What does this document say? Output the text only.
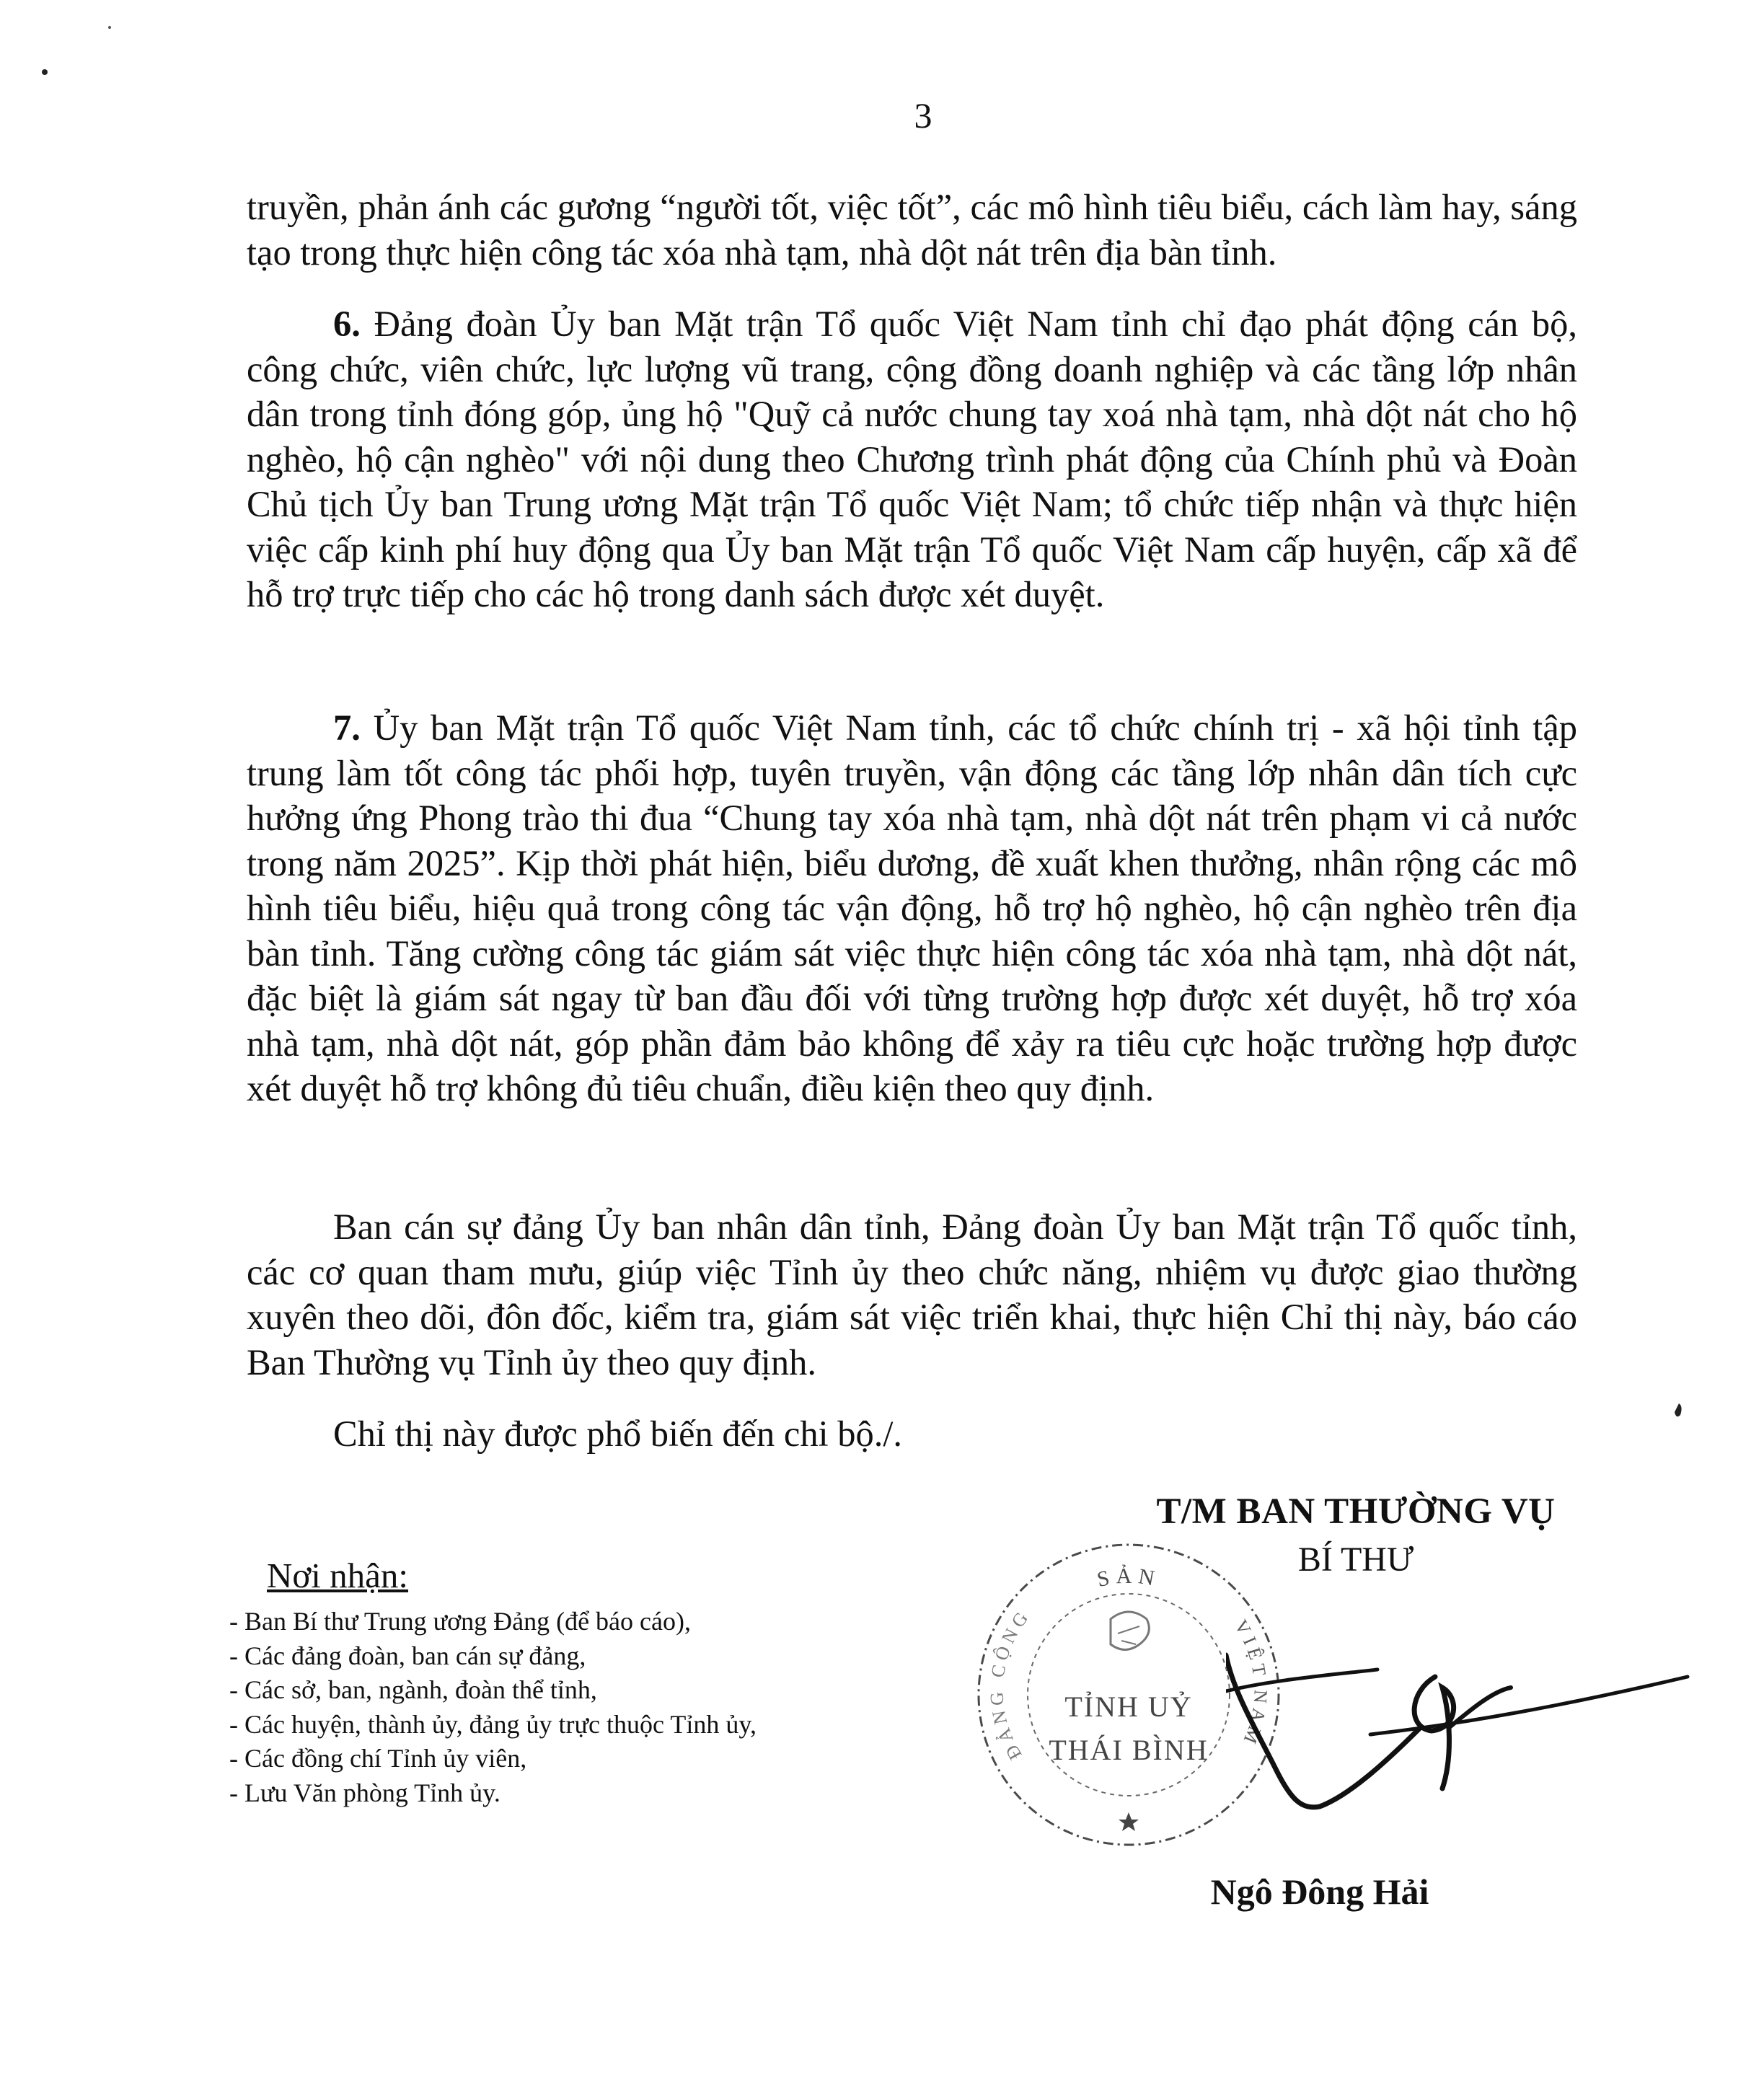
3
truyền, phản ánh các gương “người tốt, việc tốt”, các mô hình tiêu biểu, cách làm hay, sáng tạo trong thực hiện công tác xóa nhà tạm, nhà dột nát trên địa bàn tỉnh.
6. Đảng đoàn Ủy ban Mặt trận Tổ quốc Việt Nam tỉnh chỉ đạo phát động cán bộ, công chức, viên chức, lực lượng vũ trang, cộng đồng doanh nghiệp và các tầng lớp nhân dân trong tỉnh đóng góp, ủng hộ "Quỹ cả nước chung tay xoá nhà tạm, nhà dột nát cho hộ nghèo, hộ cận nghèo" với nội dung theo Chương trình phát động của Chính phủ và Đoàn Chủ tịch Ủy ban Trung ương Mặt trận Tổ quốc Việt Nam; tổ chức tiếp nhận và thực hiện việc cấp kinh phí huy động qua Ủy ban Mặt trận Tổ quốc Việt Nam cấp huyện, cấp xã để hỗ trợ trực tiếp cho các hộ trong danh sách được xét duyệt.
7. Ủy ban Mặt trận Tổ quốc Việt Nam tỉnh, các tổ chức chính trị - xã hội tỉnh tập trung làm tốt công tác phối hợp, tuyên truyền, vận động các tầng lớp nhân dân tích cực hưởng ứng Phong trào thi đua “Chung tay xóa nhà tạm, nhà dột nát trên phạm vi cả nước trong năm 2025”. Kịp thời phát hiện, biểu dương, đề xuất khen thưởng, nhân rộng các mô hình tiêu biểu, hiệu quả trong công tác vận động, hỗ trợ hộ nghèo, hộ cận nghèo trên địa bàn tỉnh. Tăng cường công tác giám sát việc thực hiện công tác xóa nhà tạm, nhà dột nát, đặc biệt là giám sát ngay từ ban đầu đối với từng trường hợp được xét duyệt, hỗ trợ xóa nhà tạm, nhà dột nát, góp phần đảm bảo không để xảy ra tiêu cực hoặc trường hợp được xét duyệt hỗ trợ không đủ tiêu chuẩn, điều kiện theo quy định.
Ban cán sự đảng Ủy ban nhân dân tỉnh, Đảng đoàn Ủy ban Mặt trận Tổ quốc tỉnh, các cơ quan tham mưu, giúp việc Tỉnh ủy theo chức năng, nhiệm vụ được giao thường xuyên theo dõi, đôn đốc, kiểm tra, giám sát việc triển khai, thực hiện Chỉ thị này, báo cáo Ban Thường vụ Tỉnh ủy theo quy định.
Chỉ thị này được phổ biến đến chi bộ./.
T/M BAN THƯỜNG VỤ
BÍ THƯ
SẢN
ĐẢNG CỘNG	VIỆT NAM
TỈNH UỶ
THÁI BÌNH
Ngô Đông Hải
Nơi nhận:
- Ban Bí thư Trung ương Đảng (để báo cáo),
- Các đảng đoàn, ban cán sự đảng,
- Các sở, ban, ngành, đoàn thể tỉnh,
- Các huyện, thành ủy, đảng ủy trực thuộc Tỉnh ủy,
- Các đồng chí Tỉnh ủy viên,
- Lưu Văn phòng Tỉnh ủy.
